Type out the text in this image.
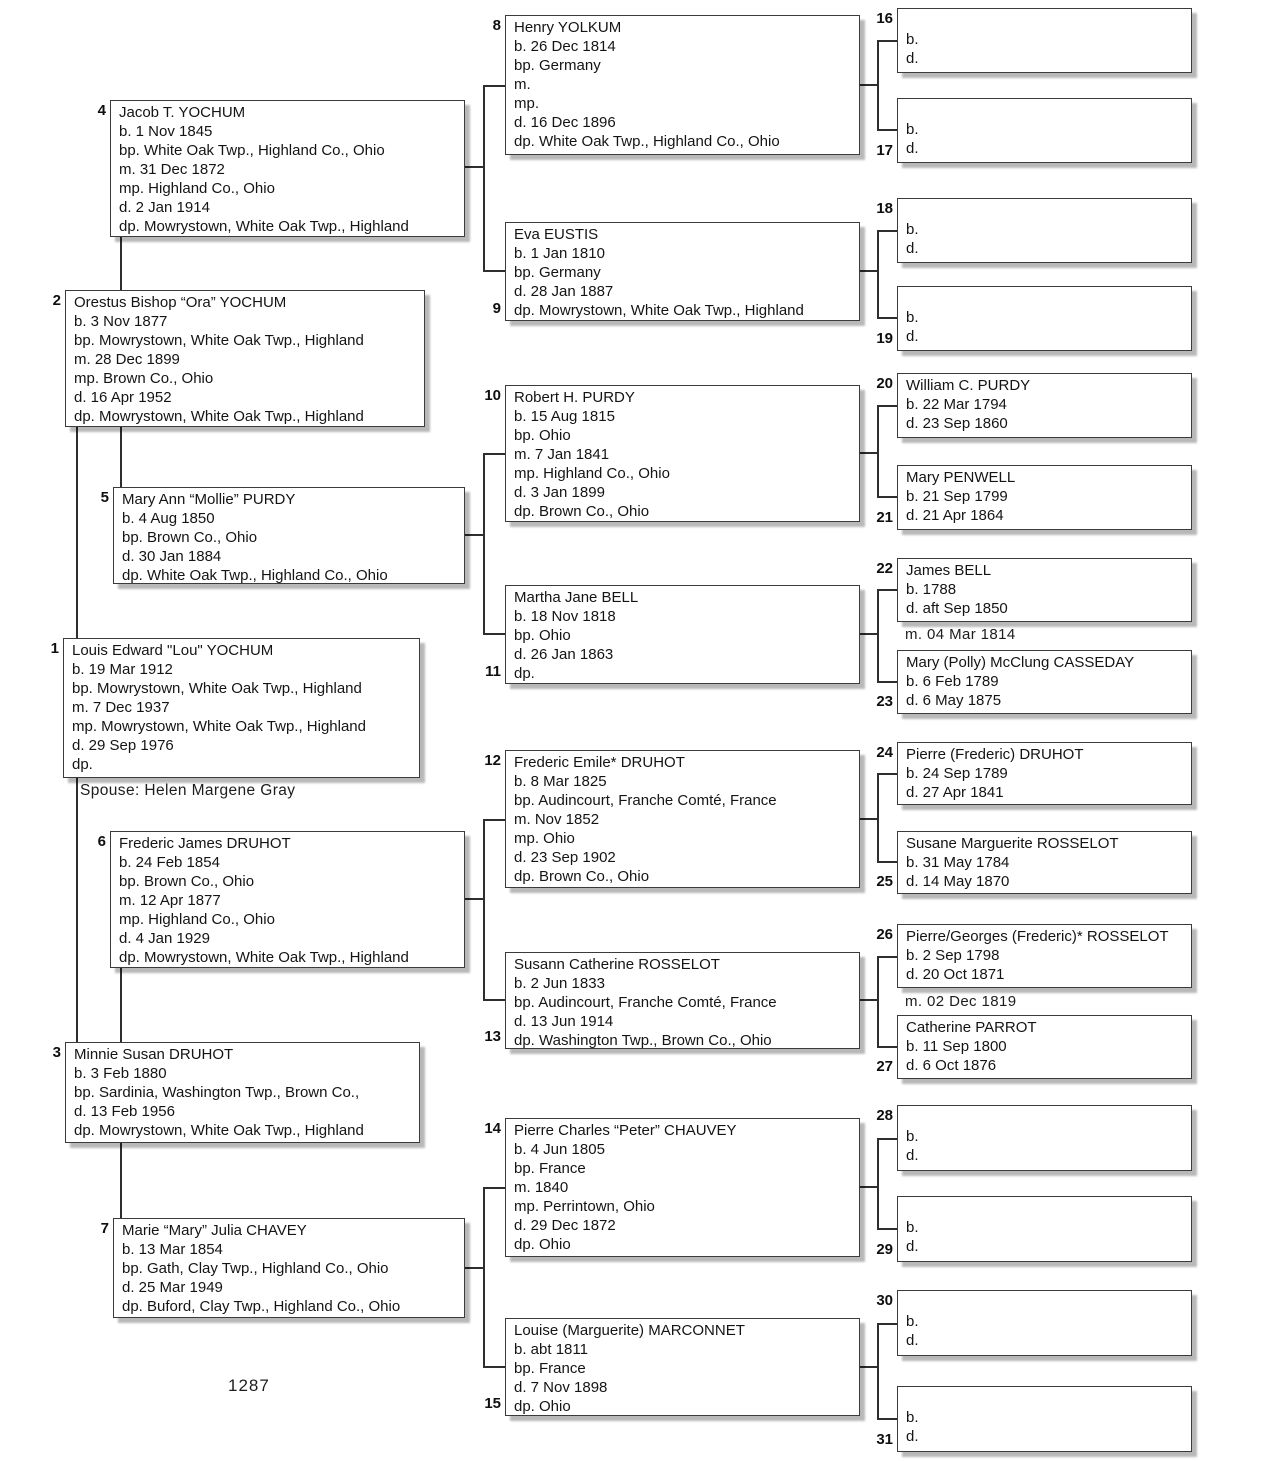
Spouse: Helen Margene Gray
m. 04 Mar 1814
m. 02 Dec 1819
1287
Louis Edward "Lou" YOCHUM
b. 19 Mar 1912
bp. Mowrystown, White Oak Twp., Highland
m. 7 Dec 1937
mp. Mowrystown, White Oak Twp., Highland
d. 29 Sep 1976
dp.
1
Orestus Bishop “Ora” YOCHUM
b. 3 Nov 1877
bp. Mowrystown, White Oak Twp., Highland
m. 28 Dec 1899
mp. Brown Co., Ohio
d. 16 Apr 1952
dp. Mowrystown, White Oak Twp., Highland
2
Minnie Susan DRUHOT
b. 3 Feb 1880
bp. Sardinia, Washington Twp., Brown Co.,
d. 13 Feb 1956
dp. Mowrystown, White Oak Twp., Highland
3
Jacob T. YOCHUM
b. 1 Nov 1845
bp. White Oak Twp., Highland Co., Ohio
m. 31 Dec 1872
mp. Highland Co., Ohio
d. 2 Jan 1914
dp. Mowrystown, White Oak Twp., Highland
4
Mary Ann “Mollie” PURDY
b. 4 Aug 1850
bp. Brown Co., Ohio
d. 30 Jan 1884
dp. White Oak Twp., Highland Co., Ohio
5
Frederic James DRUHOT
b. 24 Feb 1854
bp. Brown Co., Ohio
m. 12 Apr 1877
mp. Highland Co., Ohio
d. 4 Jan 1929
dp. Mowrystown, White Oak Twp., Highland
6
Marie “Mary” Julia CHAVEY
b. 13 Mar 1854
bp. Gath, Clay Twp., Highland Co., Ohio
d. 25 Mar 1949
dp. Buford, Clay Twp., Highland Co., Ohio
7
Henry YOLKUM
b. 26 Dec 1814
bp. Germany
m.
mp.
d. 16 Dec 1896
dp. White Oak Twp., Highland Co., Ohio
8
Eva EUSTIS
b. 1 Jan 1810
bp. Germany
d. 28 Jan 1887
dp. Mowrystown, White Oak Twp., Highland
9
Robert H. PURDY
b. 15 Aug 1815
bp. Ohio
m. 7 Jan 1841
mp. Highland Co., Ohio
d. 3 Jan 1899
dp. Brown Co., Ohio
10
Martha Jane BELL
b. 18 Nov 1818
bp. Ohio
d. 26 Jan 1863
dp.
11
Frederic Emile* DRUHOT
b. 8 Mar 1825
bp. Audincourt, Franche Comté, France
m. Nov 1852
mp. Ohio
d. 23 Sep 1902
dp. Brown Co., Ohio
12
Susann Catherine ROSSELOT
b. 2 Jun 1833
bp. Audincourt, Franche Comté, France
d. 13 Jun 1914
dp. Washington Twp., Brown Co., Ohio
13
Pierre Charles “Peter” CHAUVEY
b. 4 Jun 1805
bp. France
m. 1840
mp. Perrintown, Ohio
d. 29 Dec 1872
dp. Ohio
14
Louise (Marguerite) MARCONNET
b. abt 1811
bp. France
d. 7 Nov 1898
dp. Ohio
15
b.
d.
16
b.
d.
17
b.
d.
18
b.
d.
19
William C. PURDY
b. 22 Mar 1794
d. 23 Sep 1860
20
Mary PENWELL
b. 21 Sep 1799
d. 21 Apr 1864
21
James BELL
b. 1788
d. aft Sep 1850
22
Mary (Polly) McClung CASSEDAY
b. 6 Feb 1789
d. 6 May 1875
23
Pierre (Frederic) DRUHOT
b. 24 Sep 1789
d. 27 Apr 1841
24
Susane Marguerite ROSSELOT
b. 31 May 1784
d. 14 May 1870
25
Pierre/Georges (Frederic)* ROSSELOT
b. 2 Sep 1798
d. 20 Oct 1871
26
Catherine PARROT
b. 11 Sep 1800
d. 6 Oct 1876
27
b.
d.
28
b.
d.
29
b.
d.
30
b.
d.
31
